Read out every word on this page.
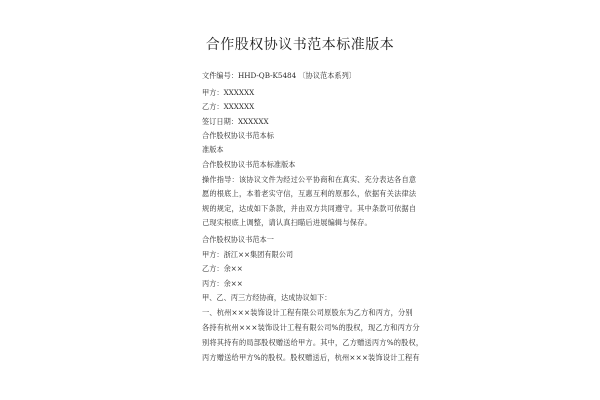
合作股权协议书范本标准版本
文件编号：HHD-QB-K5484 〔协议范本系列〕
甲方：XXXXXX
乙方：XXXXXX
签订日期：XXXXXX
合作股权协议书范本标
准版本
合作股权协议书范本标准版本
操作指导：该协议文件为经过公平协商和在真实、充分表达各自意
愿的根底上，本着老实守信，互惠互利的原那么，依据有关法律法
规的规定，达成如下条款，并由双方共同遵守。其中条款可依据自
己现实根底上调整，请认真扫瞄后进展编辑与保存。
合作股权协议书范本一
甲方：浙江××集团有限公司
乙方：余××
丙方：余××
甲、乙、丙三方经协商，达成协议如下：
一、杭州×××装饰设计工程有限公司原股东为乙方和丙方，分别
各持有杭州×××装饰设计工程有限公司%的股权，现乙方和丙方分
别将其持有的局部股权赠送给甲方。其中，乙方赠送丙方%的股权，
丙方赠送给甲方%的股权。股权赠送后，杭州×××装饰设计工程有
